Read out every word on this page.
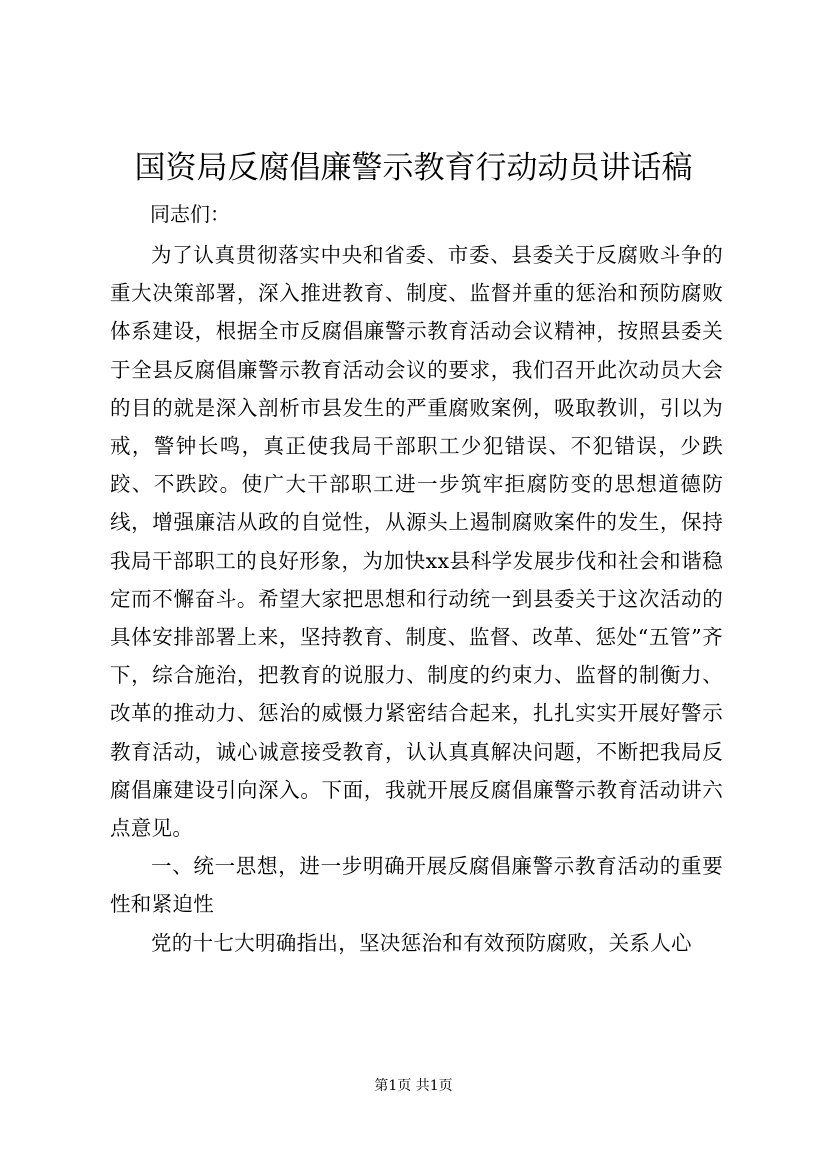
国资局反腐倡廉警示教育行动动员讲话稿

同志们：

为了认真贯彻落实中央和省委、市委、县委关于反腐败斗争的重大决策部署，深入推进教育、制度、监督并重的惩治和预防腐败体系建设，根据全市反腐倡廉警示教育活动会议精神，按照县委关于全县反腐倡廉警示教育活动会议的要求，我们召开此次动员大会的目的就是深入剖析市县发生的严重腐败案例，吸取教训，引以为戒，警钟长鸣，真正使我局干部职工少犯错误、不犯错误，少跌跤、不跌跤。使广大干部职工进一步筑牢拒腐防变的思想道德防线，增强廉洁从政的自觉性，从源头上遏制腐败案件的发生，保持我局干部职工的良好形象，为加快xx县科学发展步伐和社会和谐稳定而不懈奋斗。希望大家把思想和行动统一到县委关于这次活动的具体安排部署上来，坚持教育、制度、监督、改革、惩处“五管”齐下，综合施治，把教育的说服力、制度的约束力、监督的制衡力、改革的推动力、惩治的威慑力紧密结合起来，扎扎实实开展好警示教育活动，诚心诚意接受教育，认认真真解决问题，不断把我局反腐倡廉建设引向深入。下面，我就开展反腐倡廉警示教育活动讲六点意见。

一、统一思想，进一步明确开展反腐倡廉警示教育活动的重要性和紧迫性

党的十七大明确指出，坚决惩治和有效预防腐败，关系人心

第1页 共1页
